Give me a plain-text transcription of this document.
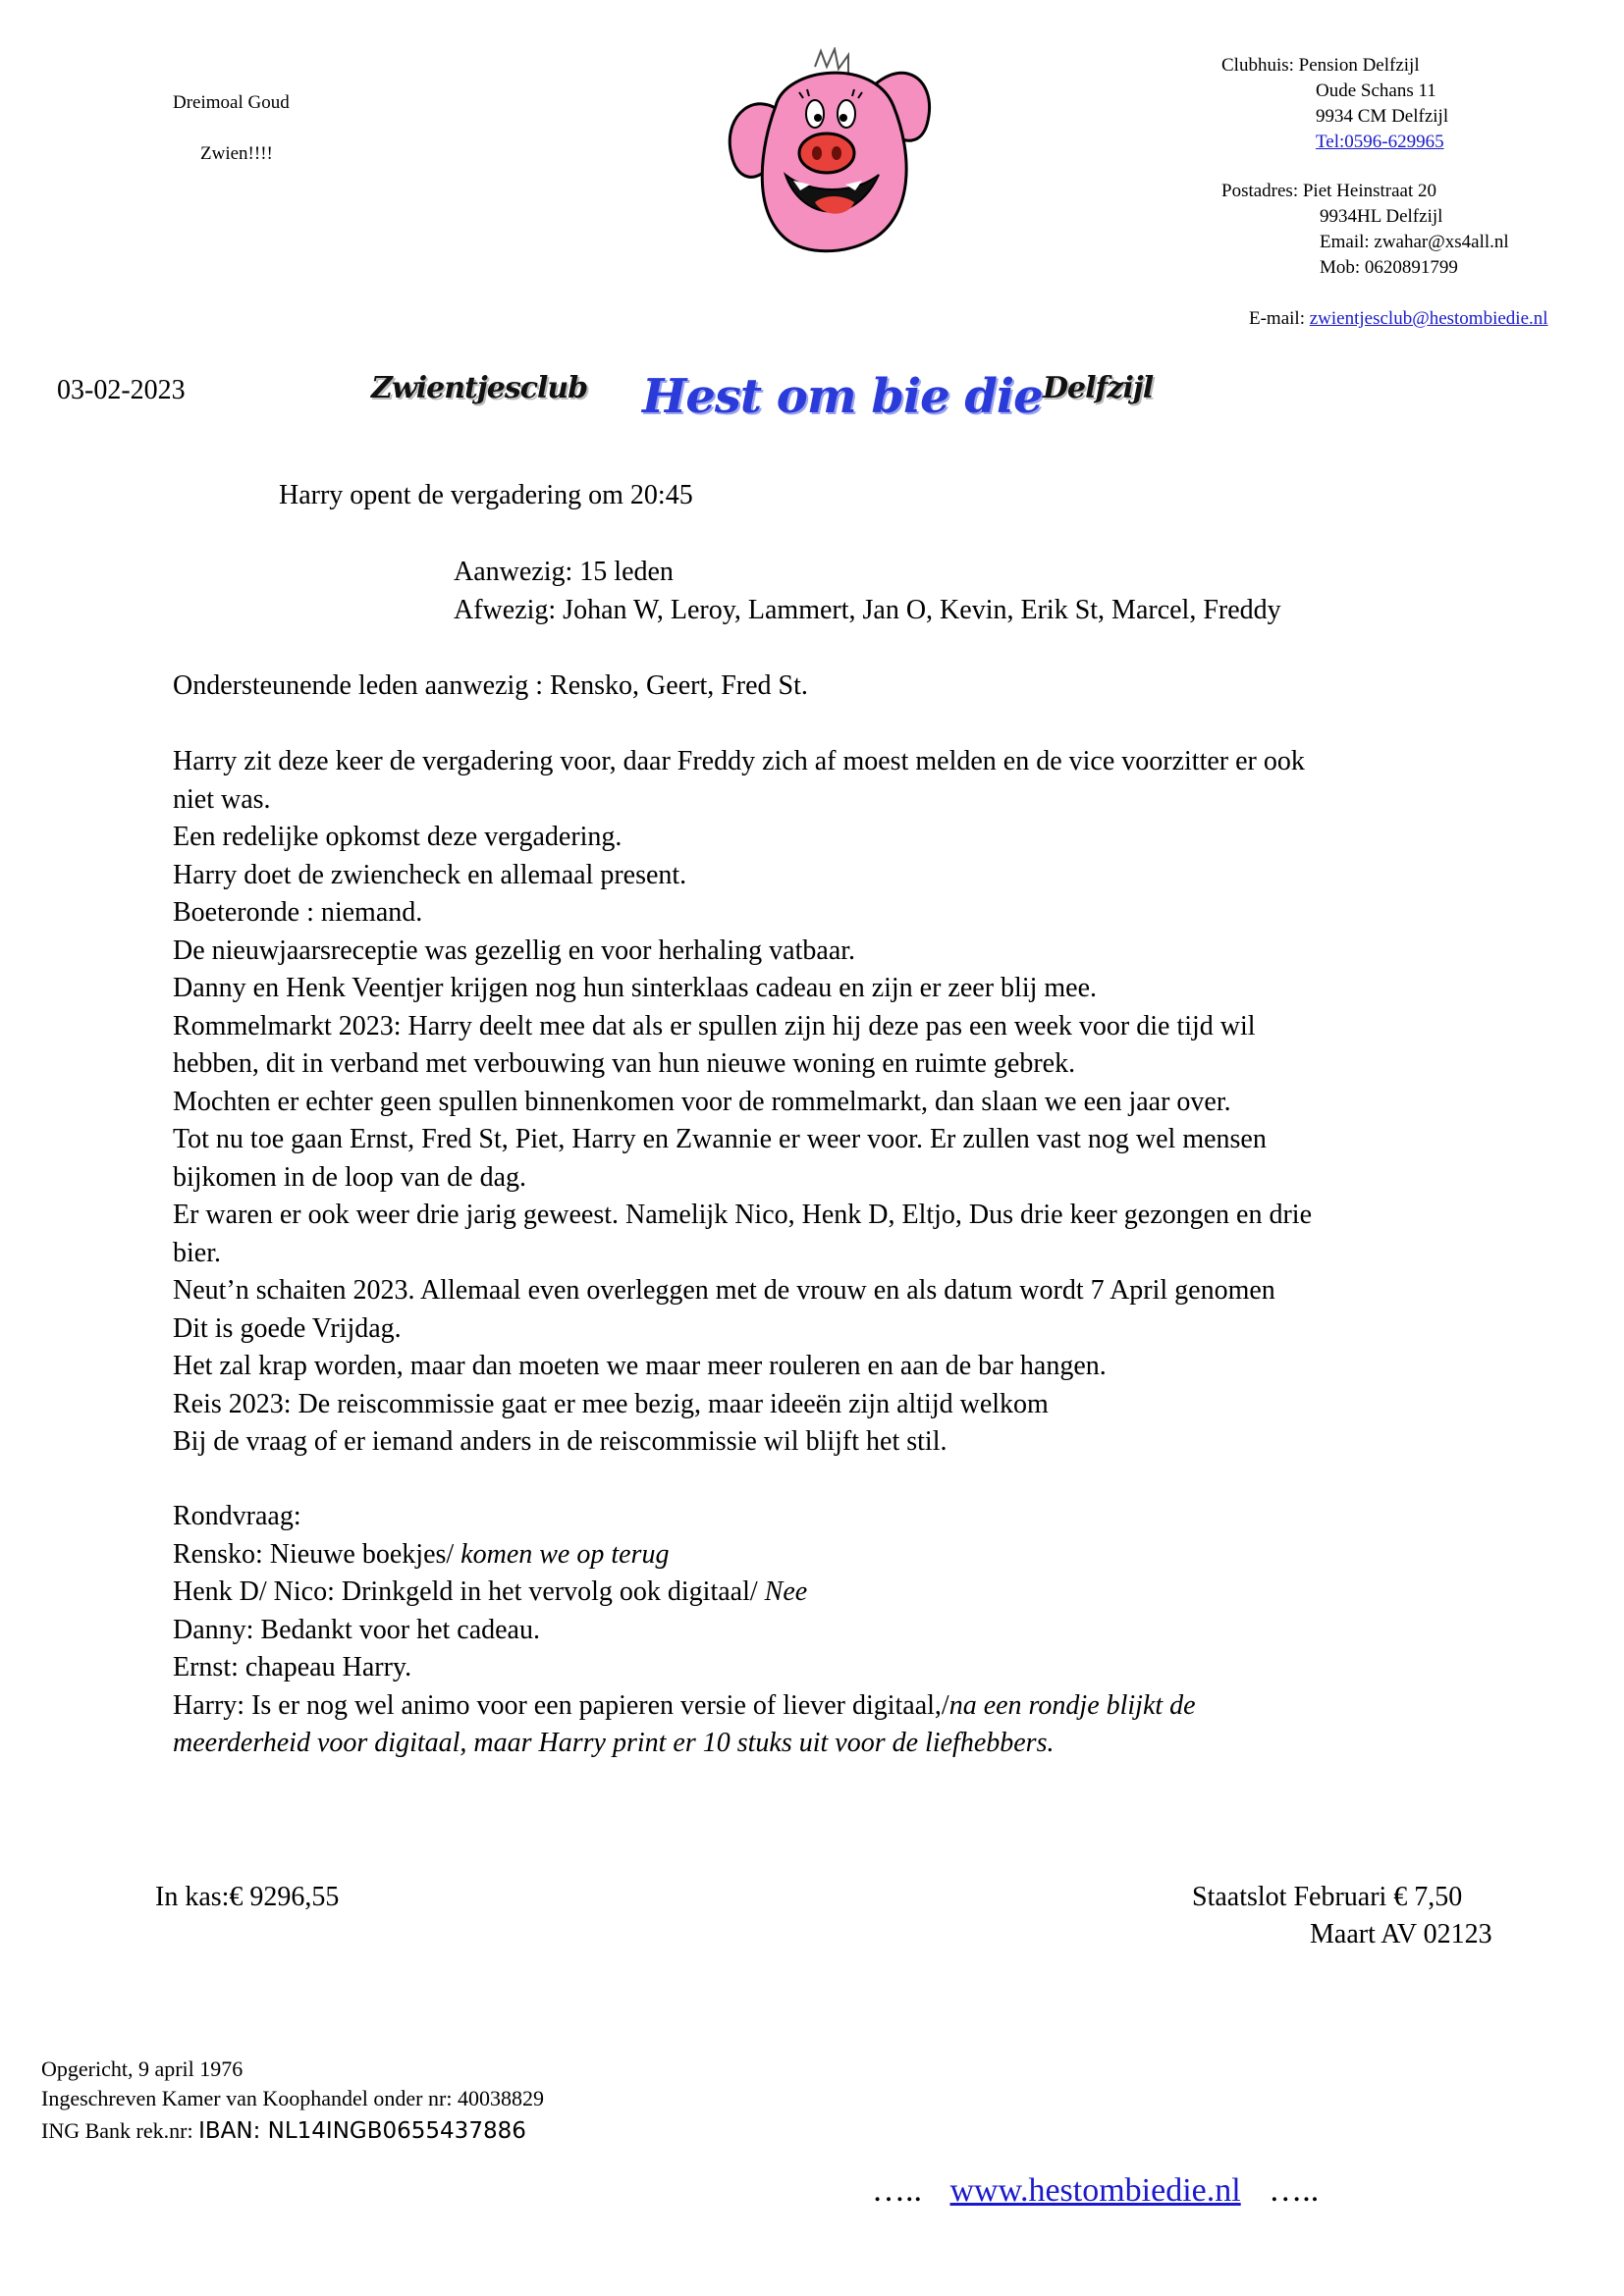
Dreimoal Goud
Zwien!!!!
Clubhuis: Pension Delfzijl
Oude Schans 11
9934 CM Delfzijl
Tel:0596-629965
Postadres: Piet Heinstraat 20
9934HL Delfzijl
Email: zwahar@xs4all.nl
Mob: 0620891799
E-mail: zwientjesclub@hestombiedie.nl
03-02-2023	Zwientjesclub Hest om bie die Delfzijl
Harry opent de vergadering om 20:45
Aanwezig: 15 leden
Afwezig: Johan W, Leroy, Lammert, Jan O, Kevin, Erik St, Marcel, Freddy
Ondersteunende leden aanwezig : Rensko, Geert, Fred St.
Harry zit deze keer de vergadering voor, daar Freddy zich af moest melden en de vice voorzitter er ook
niet was.
Een redelijke opkomst deze vergadering.
Harry doet de zwiencheck en allemaal present.
Boeteronde : niemand.
De nieuwjaarsreceptie was gezellig en voor herhaling vatbaar.
Danny en Henk Veentjer krijgen nog hun sinterklaas cadeau en zijn er zeer blij mee.
Rommelmarkt 2023: Harry deelt mee dat als er spullen zijn hij deze pas een week voor die tijd wil
hebben, dit in verband met verbouwing van hun nieuwe woning en ruimte gebrek.
Mochten er echter geen spullen binnenkomen voor de rommelmarkt, dan slaan we een jaar over.
Tot nu toe gaan Ernst, Fred St, Piet, Harry en Zwannie er weer voor. Er zullen vast nog wel mensen
bijkomen in de loop van de dag.
Er waren er ook weer drie jarig geweest. Namelijk Nico, Henk D, Eltjo, Dus drie keer gezongen en drie
bier.
Neut’n schaiten 2023. Allemaal even overleggen met de vrouw en als datum wordt 7 April genomen
Dit is goede Vrijdag.
Het zal krap worden, maar dan moeten we maar meer rouleren en aan de bar hangen.
Reis 2023: De reiscommissie gaat er mee bezig, maar ideeën zijn altijd welkom
Bij de vraag of er iemand anders in de reiscommissie wil blijft het stil.
Rondvraag:
Rensko: Nieuwe boekjes/ komen we op terug
Henk D/ Nico: Drinkgeld in het vervolg ook digitaal/ Nee
Danny: Bedankt voor het cadeau.
Ernst: chapeau Harry.
Harry: Is er nog wel animo voor een papieren versie of liever digitaal,/na een rondje blijkt de
meerderheid voor digitaal, maar Harry print er 10 stuks uit voor de liefhebbers.
In kas:€ 9296,55	Staatslot Februari € 7,50
Maart AV 02123
Opgericht, 9 april 1976
Ingeschreven Kamer van Koophandel onder nr: 40038829
ING Bank rek.nr: IBAN: NL14INGB0655437886
….. www.hestombiedie.nl …..
